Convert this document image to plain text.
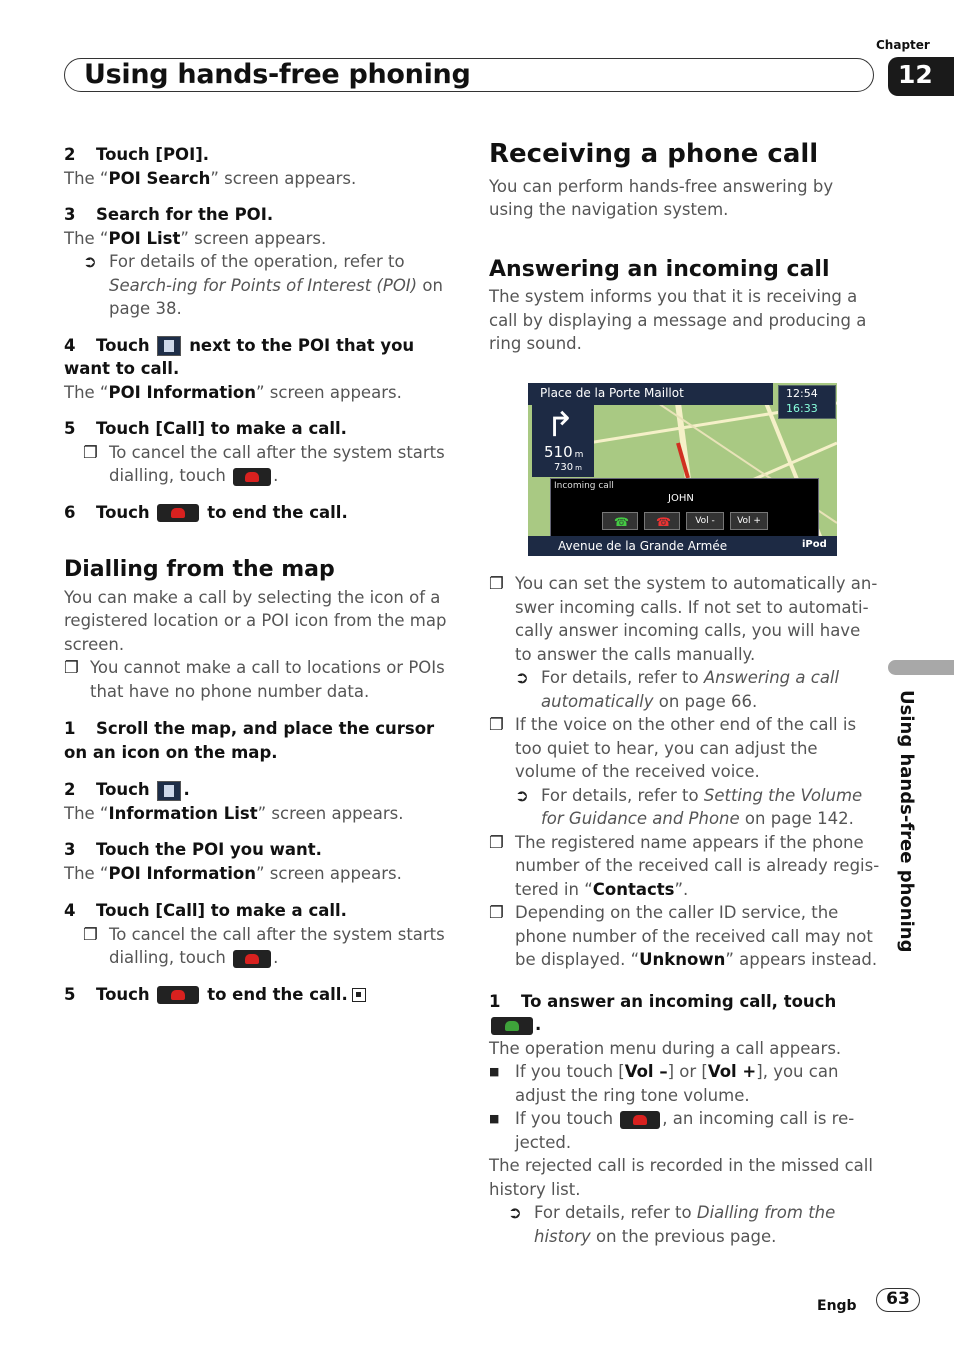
Chapter
Using hands-free phoning	12
Using hands-free phoning

2 Touch [POI].

The “POI Search” screen appears.

3 Search for the POI.

The “POI List” screen appears.

➲ For details of the operation, refer to Search-ing for Points of Interest (POI) on page 38.

4 Touch next to the POI that you want to call.

The “POI Information” screen appears.

5 Touch [Call] to make a call.

❐ To cancel the call after the system starts dialling, touch	.

6 Touch	to end the call.

Dialling from the map

You can make a call by selecting the icon of a registered location or a POI icon from the map screen.

❐ You cannot make a call to locations or POIs that have no phone number data.

1 Scroll the map, and place the cursor on an icon on the map.

2 Touch .

The “Information List” screen appears.

3 Touch the POI you want.

The “POI Information” screen appears.

4 Touch [Call] to make a call.

❐ To cancel the call after the system starts dialling, touch	.

5 Touch	to end the call.

Receiving a phone call

You can perform hands-free answering by using the navigation system.

Answering an incoming call

The system informs you that it is receiving a call by displaying a message and producing a ring sound.

Place de la Porte Maillot	12:54
16:33
↱
510 m
730 m
Incoming call
JOHN
☎ ☎	Vol -	Vol +
Avenue de la Grande Armée	iPod
❐ You can set the system to automatically an-swer incoming calls. If not set to automati-cally answer incoming calls, you will have to answer the calls manually.
➲ For details, refer to Answering a call automatically on page 66.
❐ If the voice on the other end of the call is too quiet to hear, you can adjust the volume of the received voice.
➲ For details, refer to Setting the Volume for Guidance and Phone on page 142.
❐ The registered name appears if the phone number of the received call is already regis-tered in “Contacts”.
❐ Depending on the caller ID service, the phone number of the received call may not be displayed. “Unknown” appears instead.

1 To answer an incoming call, touch
.

The operation menu during a call appears.

■ If you touch [Vol –] or [Vol +], you can adjust the ring tone volume.
■ If you touch	, an incoming call is re-jected.

The rejected call is recorded in the missed call history list.

➲ For details, refer to Dialling from the history on the previous page.
Engb	63
